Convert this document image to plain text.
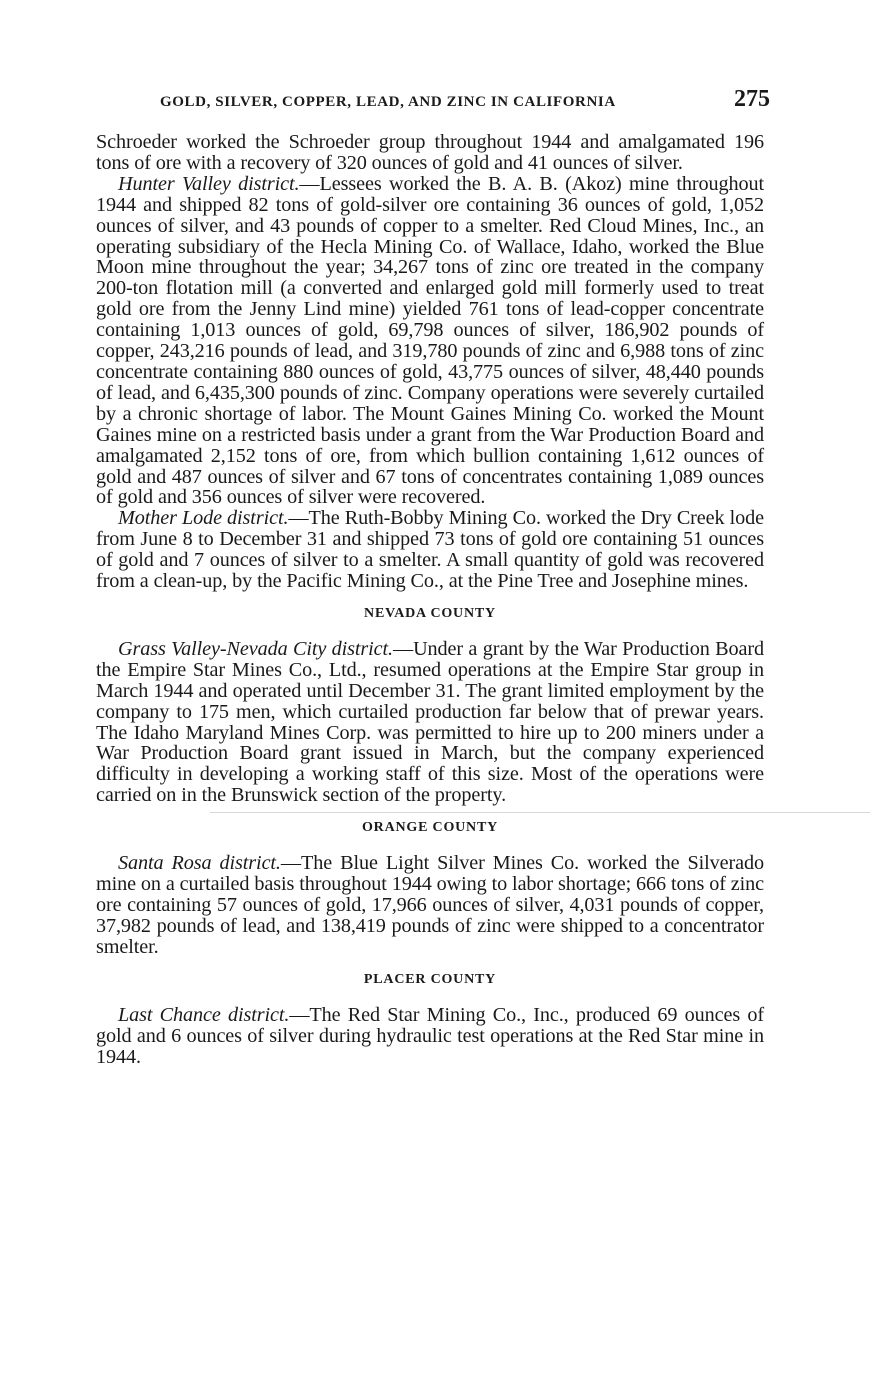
GOLD, SILVER, COPPER, LEAD, AND ZINC IN CALIFORNIA	275

Schroeder worked the Schroeder group throughout 1944 and amalgamated 196 tons of ore with a recovery of 320 ounces of gold and 41 ounces of silver.

Hunter Valley district.—Lessees worked the B. A. B. (Akoz) mine throughout 1944 and shipped 82 tons of gold-silver ore containing 36 ounces of gold, 1,052 ounces of silver, and 43 pounds of copper to a smelter. Red Cloud Mines, Inc., an operating subsidiary of the Hecla Mining Co. of Wallace, Idaho, worked the Blue Moon mine throughout the year; 34,267 tons of zinc ore treated in the company 200-ton flotation mill (a converted and enlarged gold mill formerly used to treat gold ore from the Jenny Lind mine) yielded 761 tons of lead-copper concentrate containing 1,013 ounces of gold, 69,798 ounces of silver, 186,902 pounds of copper, 243,216 pounds of lead, and 319,780 pounds of zinc and 6,988 tons of zinc concentrate containing 880 ounces of gold, 43,775 ounces of silver, 48,440 pounds of lead, and 6,435,300 pounds of zinc. Company operations were severely curtailed by a chronic shortage of labor. The Mount Gaines Mining Co. worked the Mount Gaines mine on a restricted basis under a grant from the War Production Board and amalgamated 2,152 tons of ore, from which bullion containing 1,612 ounces of gold and 487 ounces of silver and 67 tons of concentrates containing 1,089 ounces of gold and 356 ounces of silver were recovered.

Mother Lode district.—The Ruth-Bobby Mining Co. worked the Dry Creek lode from June 8 to December 31 and shipped 73 tons of gold ore containing 51 ounces of gold and 7 ounces of silver to a smelter. A small quantity of gold was recovered from a clean-up, by the Pacific Mining Co., at the Pine Tree and Josephine mines.

NEVADA COUNTY

Grass Valley-Nevada City district.—Under a grant by the War Production Board the Empire Star Mines Co., Ltd., resumed operations at the Empire Star group in March 1944 and operated until December 31. The grant limited employment by the company to 175 men, which curtailed production far below that of prewar years. The Idaho Maryland Mines Corp. was permitted to hire up to 200 miners under a War Production Board grant issued in March, but the company experienced difficulty in developing a working staff of this size. Most of the operations were carried on in the Brunswick section of the property.

ORANGE COUNTY

Santa Rosa district.—The Blue Light Silver Mines Co. worked the Silverado mine on a curtailed basis throughout 1944 owing to labor shortage; 666 tons of zinc ore containing 57 ounces of gold, 17,966 ounces of silver, 4,031 pounds of copper, 37,982 pounds of lead, and 138,419 pounds of zinc were shipped to a concentrator smelter.

PLACER COUNTY

Last Chance district.—The Red Star Mining Co., Inc., produced 69 ounces of gold and 6 ounces of silver during hydraulic test operations at the Red Star mine in 1944.
